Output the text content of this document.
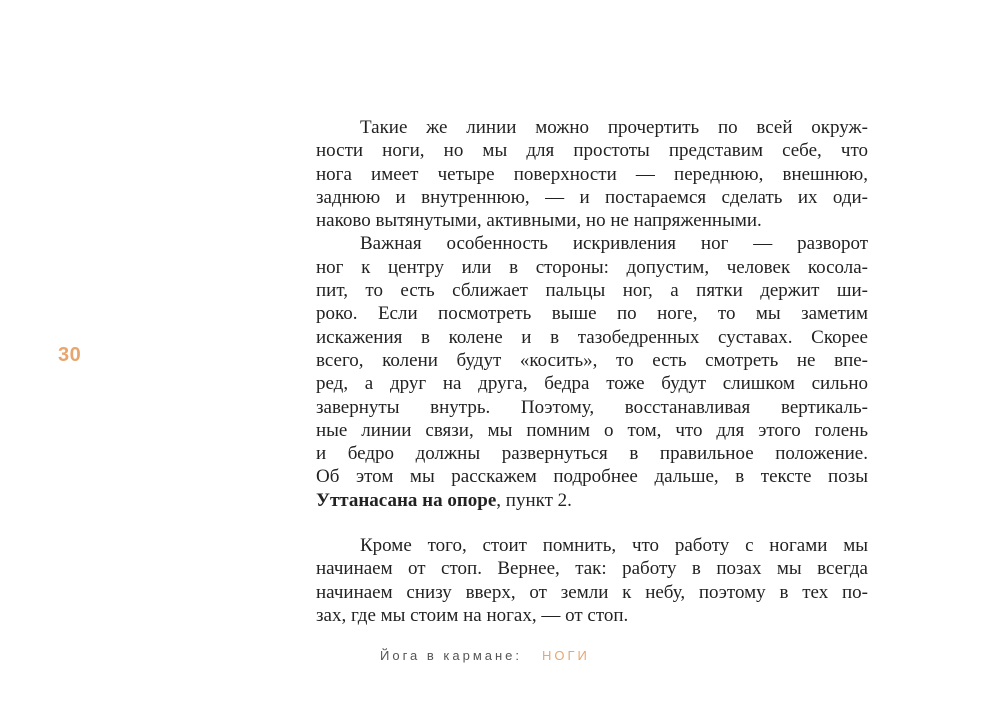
30
Такие же линии можно прочертить по всей окруж-
ности ноги, но мы для простоты представим себе, что
нога имеет четыре поверхности — переднюю, внешнюю,
заднюю и внутреннюю, — и постараемся сделать их оди-
наково вытянутыми, активными, но не напряженными.
Важная особенность искривления ног — разворот
ног к центру или в стороны: допустим, человек косола-
пит, то есть сближает пальцы ног, а пятки держит ши-
роко. Если посмотреть выше по ноге, то мы заметим
искажения в колене и в тазобедренных суставах. Скорее
всего, колени будут «косить», то есть смотреть не впе-
ред, а друг на друга, бедра тоже будут слишком сильно
завернуты внутрь. Поэтому, восстанавливая вертикаль-
ные линии связи, мы помним о том, что для этого голень
и бедро должны развернуться в правильное положение.
Об этом мы расскажем подробнее дальше, в тексте позы
Уттанасана на опоре, пункт 2.
Кроме того, стоит помнить, что работу с ногами мы
начинаем от стоп. Вернее, так: работу в позах мы всегда
начинаем снизу вверх, от земли к небу, поэтому в тех по-
зах, где мы стоим на ногах, — от стоп.
Йога в кармане: НОГИ
